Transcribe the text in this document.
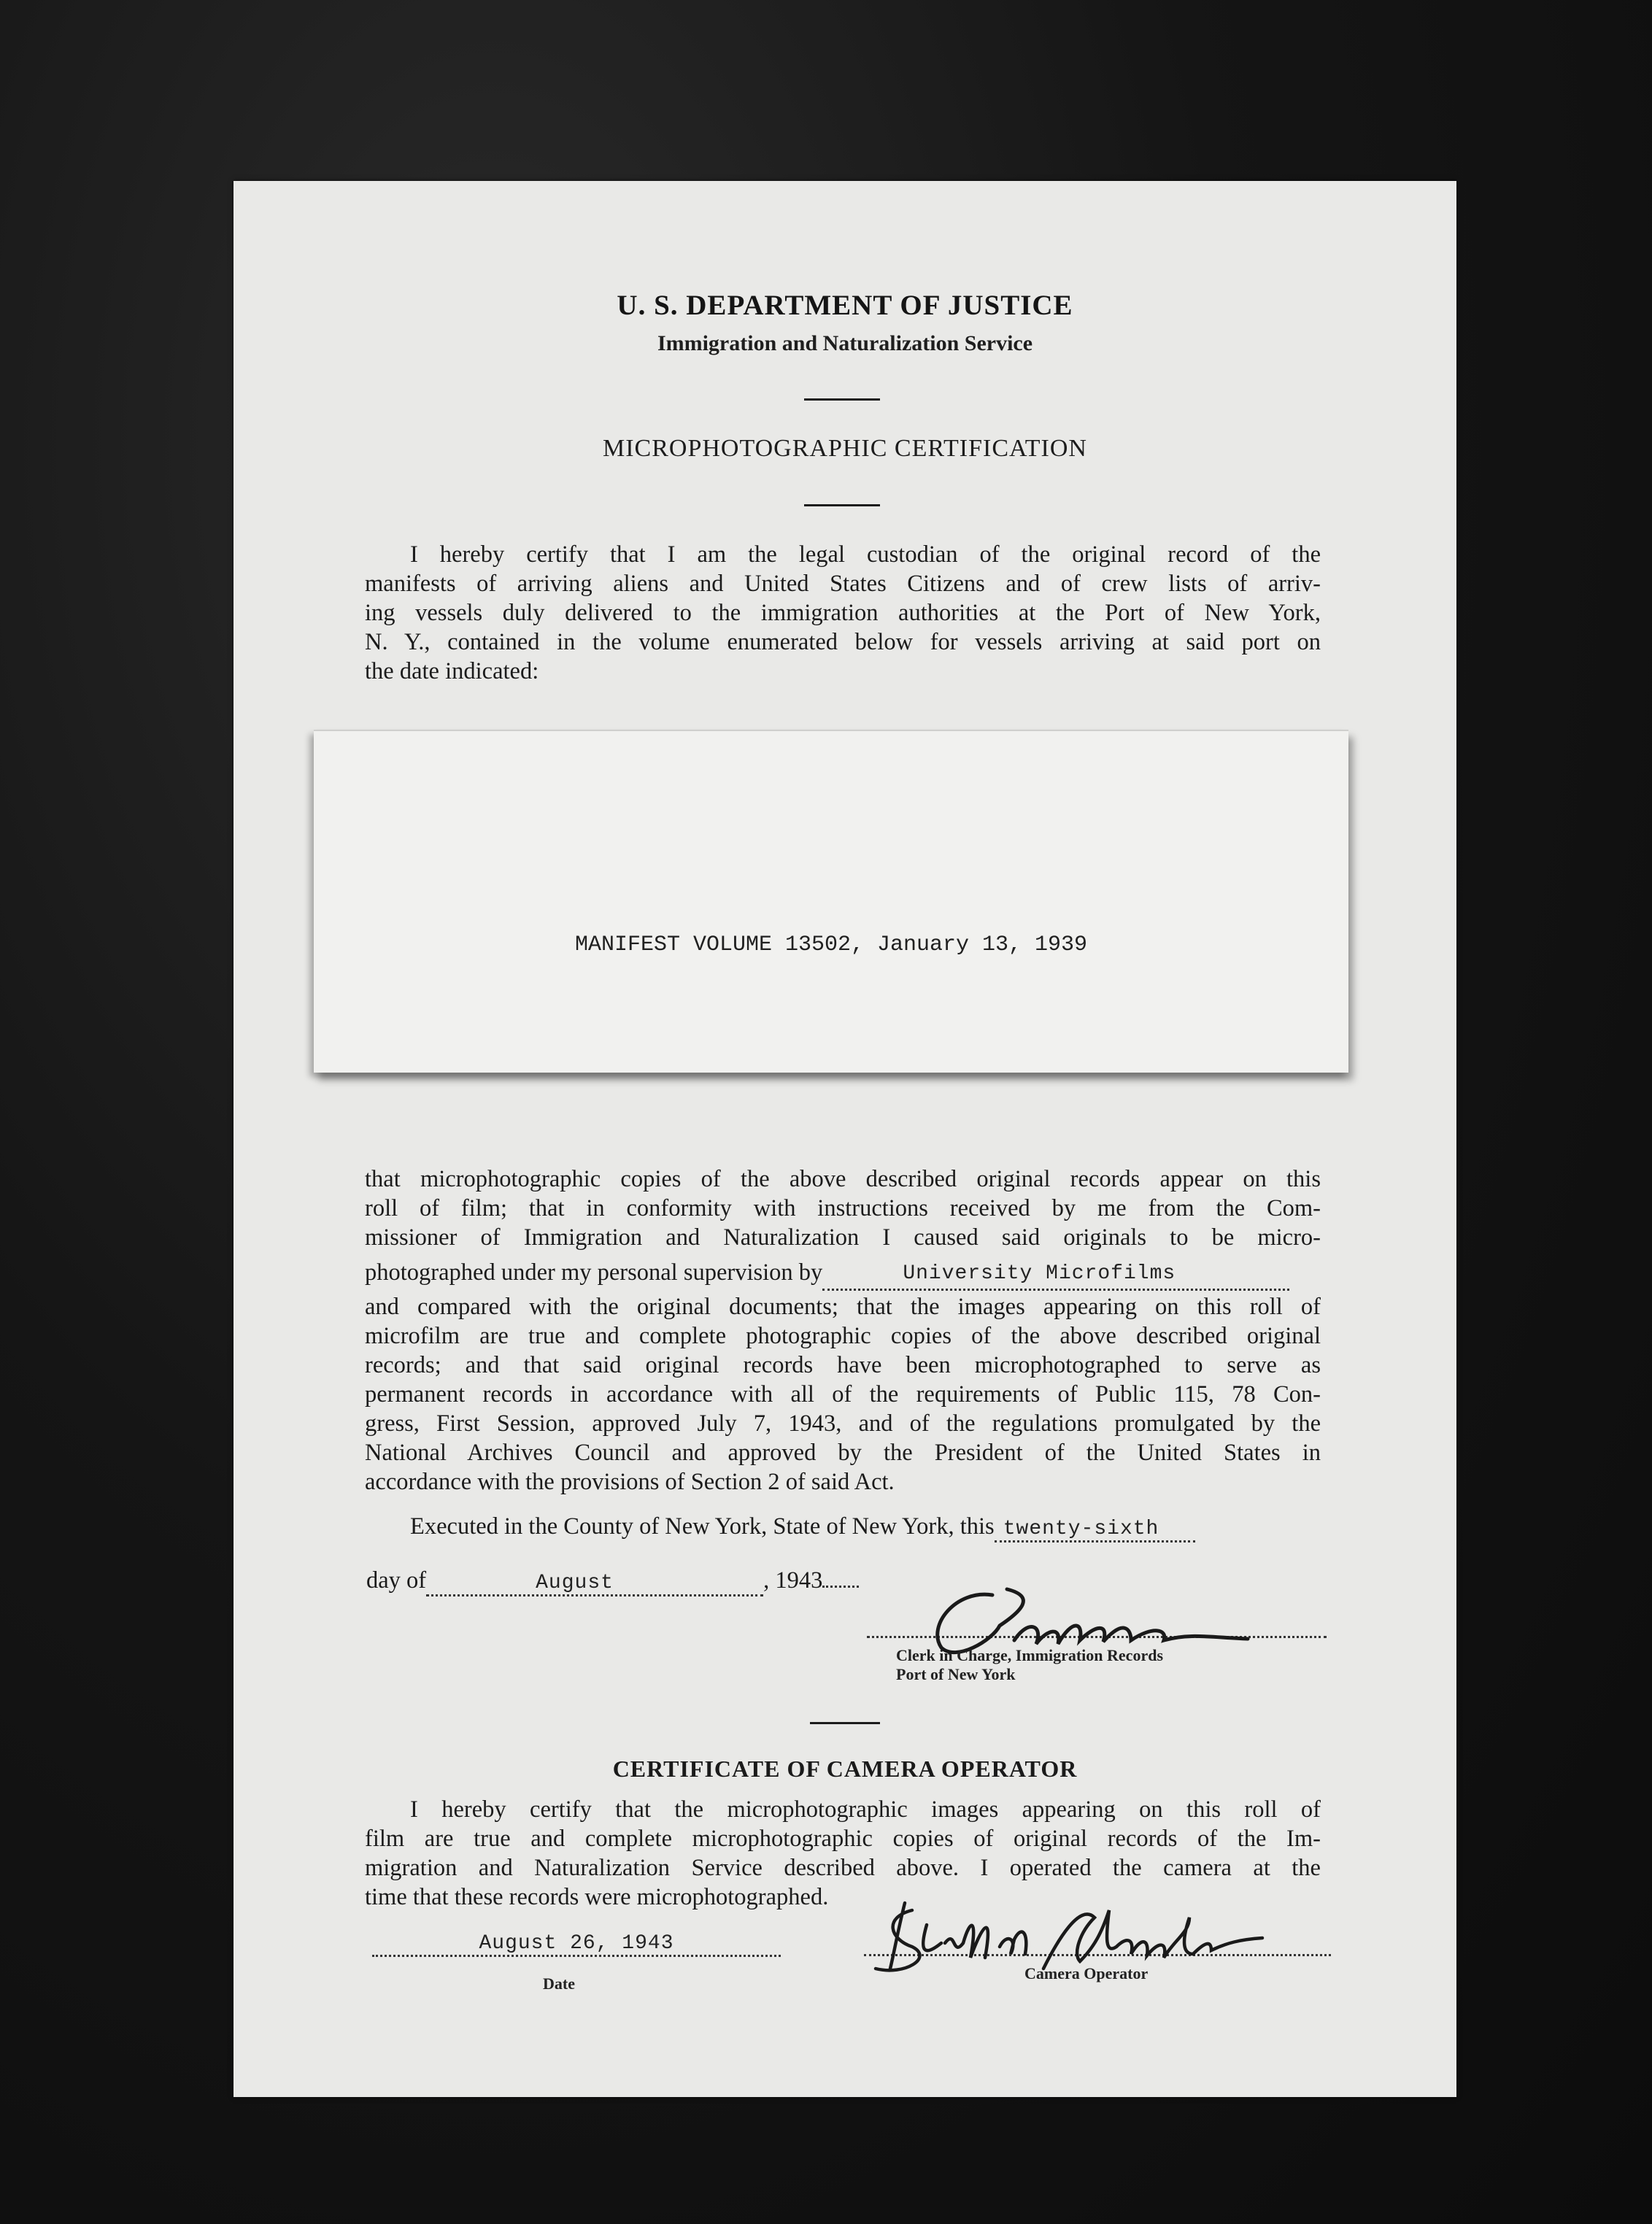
U. S. DEPARTMENT OF JUSTICE
Immigration and Naturalization Service
MICROPHOTOGRAPHIC CERTIFICATION
I hereby certify that I am the legal custodian of the original record of the
manifests of arriving aliens and United States Citizens and of crew lists of arriv-
ing vessels duly delivered to the immigration authorities at the Port of New York,
N. Y., contained in the volume enumerated below for vessels arriving at said port on
the date indicated:
MANIFEST VOLUME 13502, January 13, 1939
that microphotographic copies of the above described original records appear on this
roll of film; that in conformity with instructions received by me from the Com-
missioner of Immigration and Naturalization I caused said originals to be micro-
photographed under my personal supervision by	University Microfilms
and compared with the original documents; that the images appearing on this roll of
microfilm are true and complete photographic copies of the above described original
records; and that said original records have been microphotographed to serve as
permanent records in accordance with all of the requirements of Public 115, 78 Con-
gress, First Session, approved July 7, 1943, and of the regulations promulgated by the
National Archives Council and approved by the President of the United States in
accordance with the provisions of Section 2 of said Act.
Executed in the County of New York, State of New York, this twenty-sixth
day of	August	, 1943
Clerk in Charge, Immigration Records
Port of New York
CERTIFICATE OF CAMERA OPERATOR
I hereby certify that the microphotographic images appearing on this roll of
film are true and complete microphotographic copies of original records of the Im-
migration and Naturalization Service described above. I operated the camera at the
time that these records were microphotographed.
August 26, 1943
Date
Camera Operator
